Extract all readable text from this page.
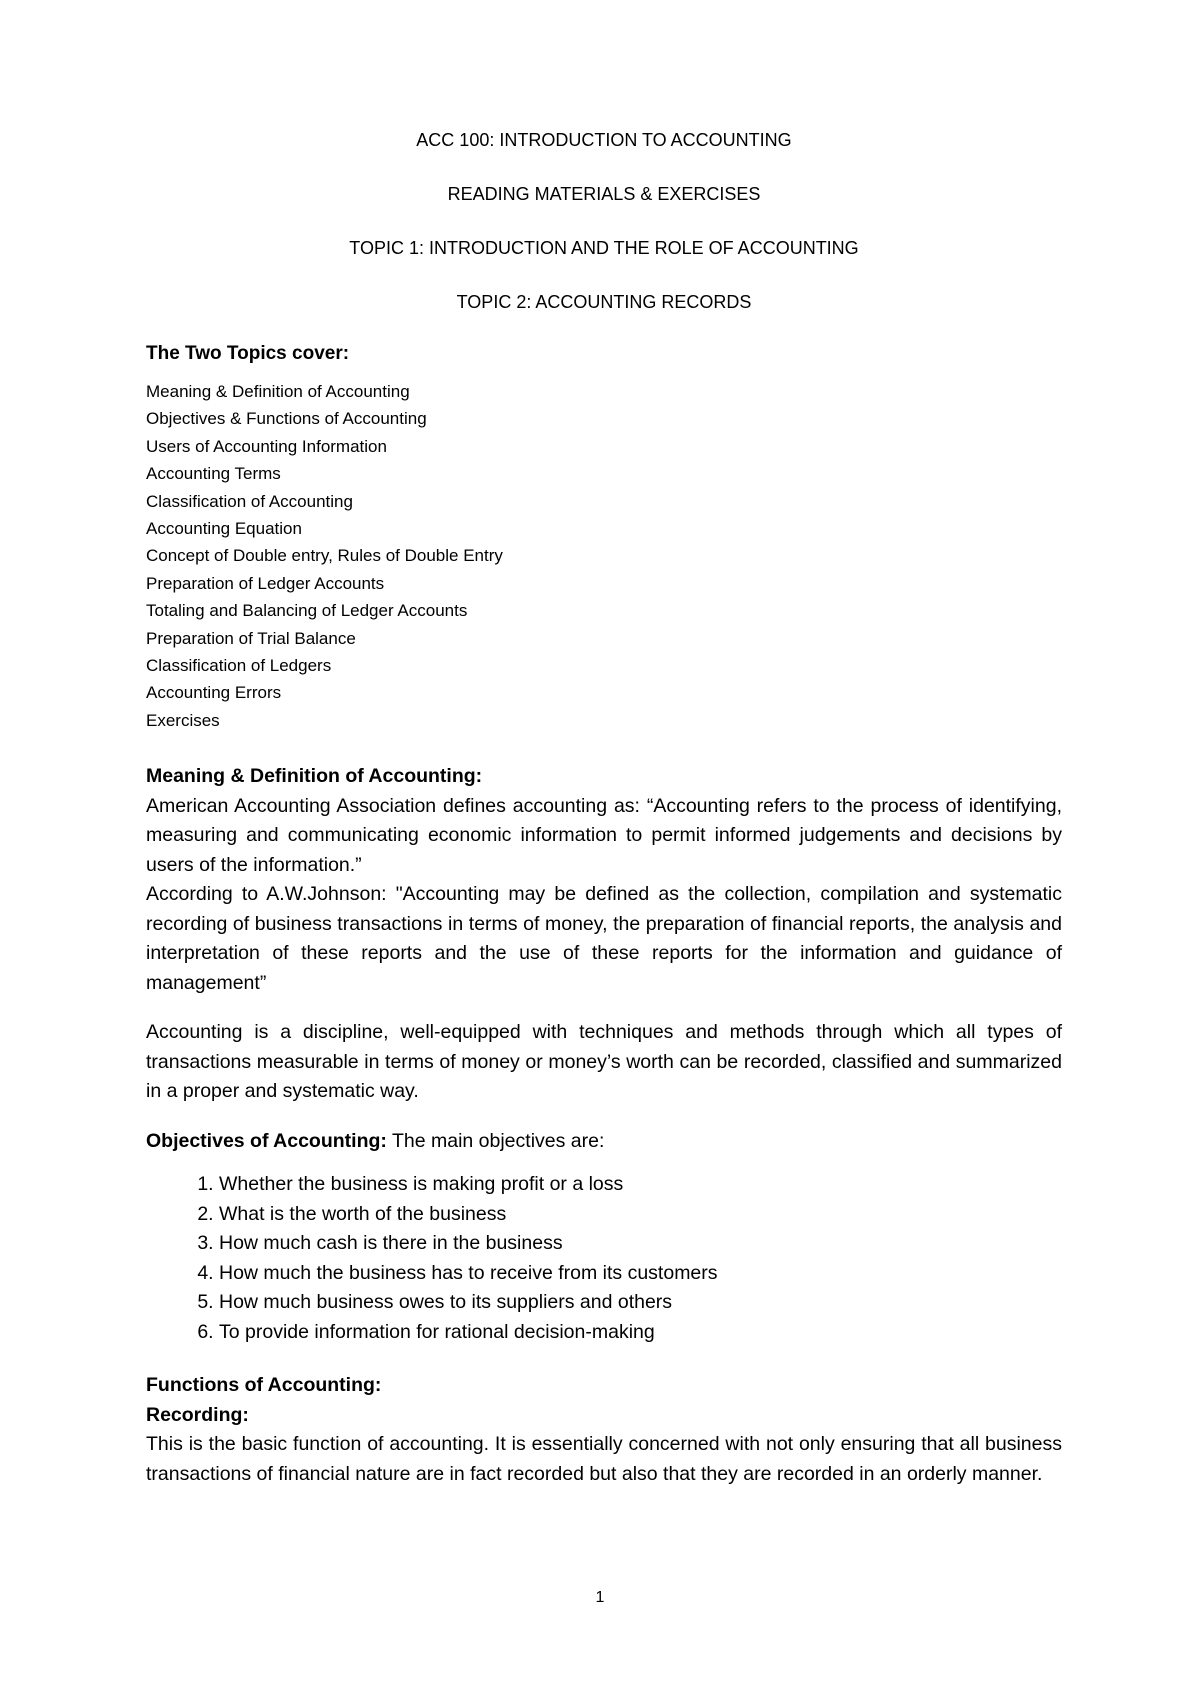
ACC 100: INTRODUCTION TO ACCOUNTING
READING MATERIALS & EXERCISES
TOPIC 1: INTRODUCTION AND THE ROLE OF ACCOUNTING
TOPIC 2: ACCOUNTING RECORDS
The Two Topics cover:
Meaning & Definition of Accounting
Objectives & Functions of Accounting
Users of Accounting Information
Accounting Terms
Classification of Accounting
Accounting Equation
Concept of Double entry, Rules of Double Entry
Preparation of Ledger Accounts
Totaling and Balancing of Ledger Accounts
Preparation of Trial Balance
Classification of Ledgers
Accounting Errors
Exercises
Meaning & Definition of Accounting:

American Accounting Association defines accounting as: “Accounting refers to the process of identifying, measuring and communicating economic information to permit informed judgements and decisions by users of the information.”

According to A.W.Johnson: "Accounting may be defined as the collection, compilation and systematic recording of business transactions in terms of money, the preparation of financial reports, the analysis and interpretation of these reports and the use of these reports for the information and guidance of management”

Accounting is a discipline, well-equipped with techniques and methods through which all types of transactions measurable in terms of money or money’s worth can be recorded, classified and summarized in a proper and systematic way.

Objectives of Accounting: The main objectives are:

1. Whether the business is making profit or a loss
2. What is the worth of the business
3. How much cash is there in the business
4. How much the business has to receive from its customers
5. How much business owes to its suppliers and others
6. To provide information for rational decision-making
Functions of Accounting:
Recording:

This is the basic function of accounting. It is essentially concerned with not only ensuring that all business transactions of financial nature are in fact recorded but also that they are recorded in an orderly manner.

1
